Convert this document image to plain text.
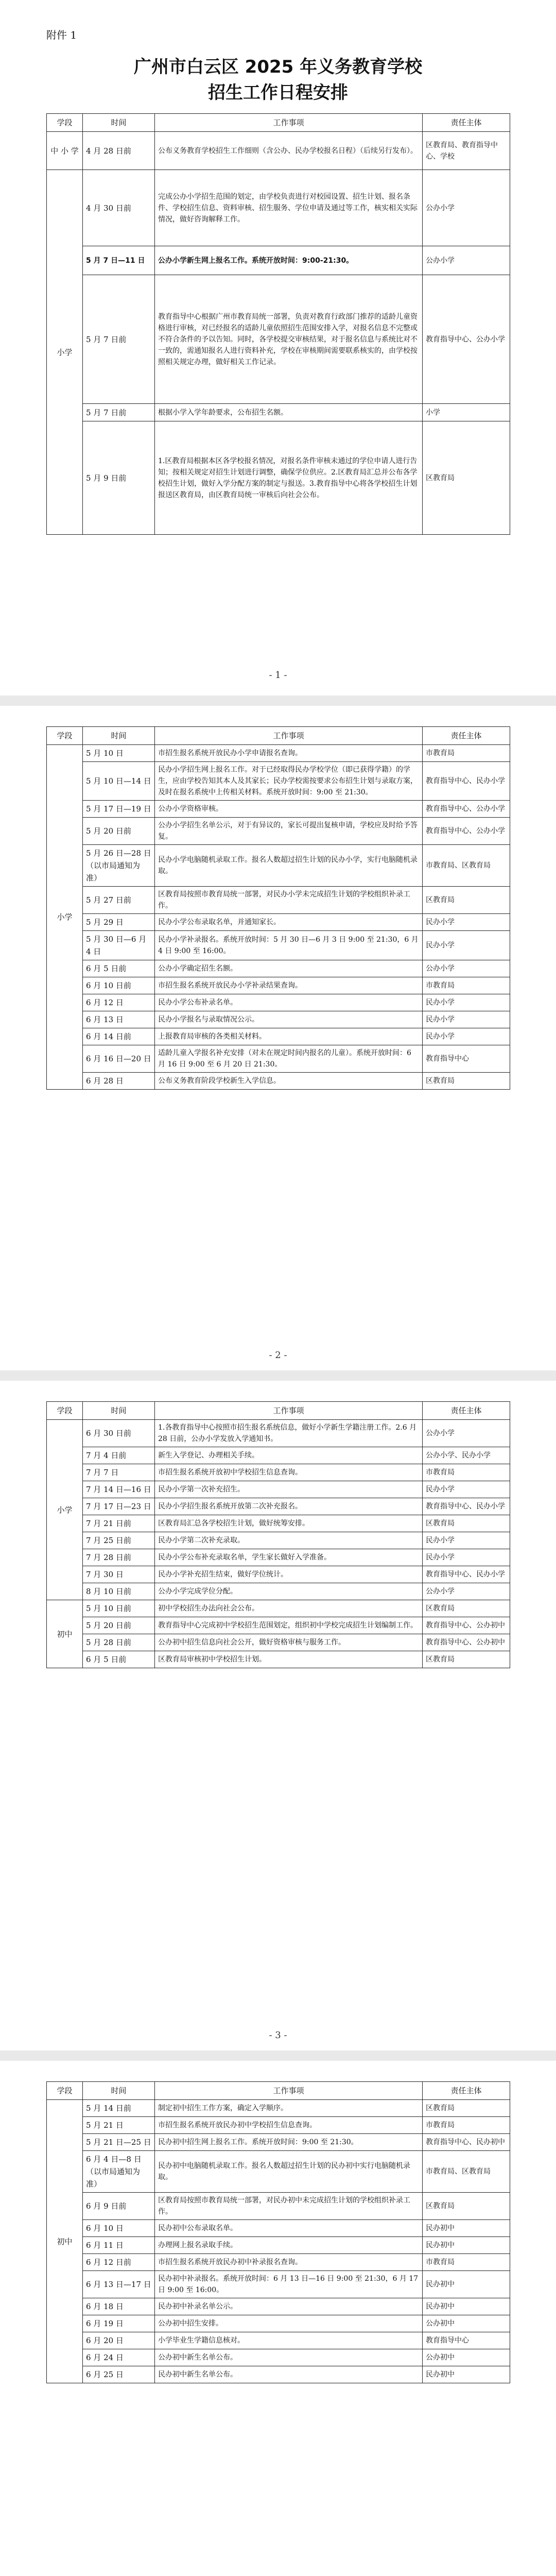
附件 1
广州市白云区 2025 年义务教育学校
招生工作日程安排
学段	时间	工作事项	责任主体
中 小 学	4 月 28 日前	公布义务教育学校招生工作细则（含公办、民办学校报名日程）（后续另行发布）。	区教育局、教育指导中心、学校
小学	4 月 30 日前	完成公办小学招生范围的划定，由学校负责进行对校园设置、招生计划、报名条件、学校招生信息、资料审核、招生服务、学位申请及通过等工作，核实相关实际情况，做好咨询解释工作。	公办小学
	5 月 7 日—11 日	公办小学新生网上报名工作。系统开放时间：9:00-21:30。	公办小学
	5 月 7 日前	教育指导中心根据广州市教育局统一部署，负责对教育行政部门推荐的适龄儿童资格进行审核，对已经报名的适龄儿童依照招生范围安排入学，对报名信息不完整或不符合条件的予以告知。同时，各学校提交审核结果，对于报名信息与系统比对不一致的，需通知报名人进行资料补充，学校在审核期间需要联系核实的，由学校按照相关规定办理，做好相关工作记录。	教育指导中心、公办小学
	5 月 7 日前	根据小学入学年龄要求，公布招生名额。	小学
	5 月 9 日前	1.区教育局根据本区各学校报名情况，对报名条件审核未通过的学位申请人进行告知；按相关规定对招生计划进行调整，确保学位供应。2.区教育局汇总并公布各学校招生计划，做好入学分配方案的制定与报送。3.教育指导中心将各学校招生计划报送区教育局，由区教育局统一审核后向社会公布。	区教育局
- 1 -
学段	时间	工作事项	责任主体
小学	5 月 10 日	市招生报名系统开放民办小学申请报名查询。	市教育局
	5 月 10 日—14 日	民办小学招生网上报名工作。对于已经取得民办学校学位（即已获得学籍）的学生，应由学校告知其本人及其家长；民办学校需按要求公布招生计划与录取方案，及时在报名系统中上传相关材料。系统开放时间：9:00 至 21:30。	教育指导中心、民办小学
	5 月 17 日—19 日	公办小学资格审核。	教育指导中心、公办小学
	5 月 20 日前	公办小学招生名单公示，对于有异议的，家长可提出复核申请，学校应及时给予答复。	教育指导中心、公办小学
	5 月 26 日—28 日（以市局通知为准）	民办小学电脑随机录取工作。报名人数超过招生计划的民办小学，实行电脑随机录取。	市教育局、区教育局
	5 月 27 日前	区教育局按照市教育局统一部署，对民办小学未完成招生计划的学校组织补录工作。	区教育局
	5 月 29 日	民办小学公布录取名单，并通知家长。	民办小学
	5 月 30 日—6 月 4 日	民办小学补录报名。系统开放时间：5 月 30 日—6 月 3 日 9:00 至 21:30，6 月 4 日 9:00 至 16:00。	民办小学
	6 月 5 日前	公办小学确定招生名额。	公办小学
	6 月 10 日前	市招生报名系统开放民办小学补录结果查询。	市教育局
	6 月 12 日	民办小学公布补录名单。	民办小学
	6 月 13 日	民办小学报名与录取情况公示。	民办小学
	6 月 14 日前	上报教育局审核的各类相关材料。	民办小学
	6 月 16 日—20 日	适龄儿童入学报名补充安排（对未在规定时间内报名的儿童）。系统开放时间：6 月 16 日 9:00 至 6 月 20 日 21:30。	教育指导中心
	6 月 28 日	公布义务教育阶段学校新生入学信息。	区教育局
- 2 -
学段	时间	工作事项	责任主体
小学	6 月 30 日前	1.各教育指导中心按照市招生报名系统信息，做好小学新生学籍注册工作。2.6 月 28 日前，公办小学发放入学通知书。	公办小学
	7 月 4 日前	新生入学登记、办理相关手续。	公办小学、民办小学
	7 月 7 日	市招生报名系统开放初中学校招生信息查询。	市教育局
	7 月 14 日—16 日	民办小学第一次补充招生。	民办小学
	7 月 17 日—23 日	民办小学招生报名系统开放第二次补充报名。	教育指导中心、民办小学
	7 月 21 日前	区教育局汇总各学校招生计划，做好统筹安排。	区教育局
	7 月 25 日前	民办小学第二次补充录取。	民办小学
	7 月 28 日前	民办小学公布补充录取名单，学生家长做好入学准备。	民办小学
	7 月 30 日	民办小学补充招生结束，做好学位统计。	教育指导中心、民办小学
	8 月 10 日前	公办小学完成学位分配。	公办小学
初中	5 月 10 日前	初中学校招生办法向社会公布。	区教育局
	5 月 20 日前	教育指导中心完成初中学校招生范围划定，组织初中学校完成招生计划编制工作。	教育指导中心、公办初中
	5 月 28 日前	公办初中招生信息向社会公开，做好资格审核与服务工作。	教育指导中心、公办初中
	6 月 5 日前	区教育局审核初中学校招生计划。	区教育局
- 3 -
学段	时间	工作事项	责任主体
初中	5 月 14 日前	制定初中招生工作方案，确定入学顺序。	区教育局
	5 月 21 日	市招生报名系统开放民办初中学校招生信息查询。	市教育局
	5 月 21 日—25 日	民办初中招生网上报名工作。系统开放时间：9:00 至 21:30。	教育指导中心、民办初中
	6 月 4 日—8 日（以市局通知为准）	民办初中电脑随机录取工作。报名人数超过招生计划的民办初中实行电脑随机录取。	市教育局、区教育局
	6 月 9 日前	区教育局按照市教育局统一部署，对民办初中未完成招生计划的学校组织补录工作。	区教育局
	6 月 10 日	民办初中公布录取名单。	民办初中
	6 月 11 日	办理网上报名录取手续。	民办初中
	6 月 12 日前	市招生报名系统开放民办初中补录报名查询。	市教育局
	6 月 13 日—17 日	民办初中补录报名。系统开放时间：6 月 13 日—16 日 9:00 至 21:30，6 月 17 日 9:00 至 16:00。	民办初中
	6 月 18 日	民办初中补录名单公示。	民办初中
	6 月 19 日	公办初中招生安排。	公办初中
	6 月 20 日	小学毕业生学籍信息核对。	教育指导中心
	6 月 24 日	公办初中新生名单公布。	公办初中
	6 月 25 日	民办初中新生名单公布。	民办初中
